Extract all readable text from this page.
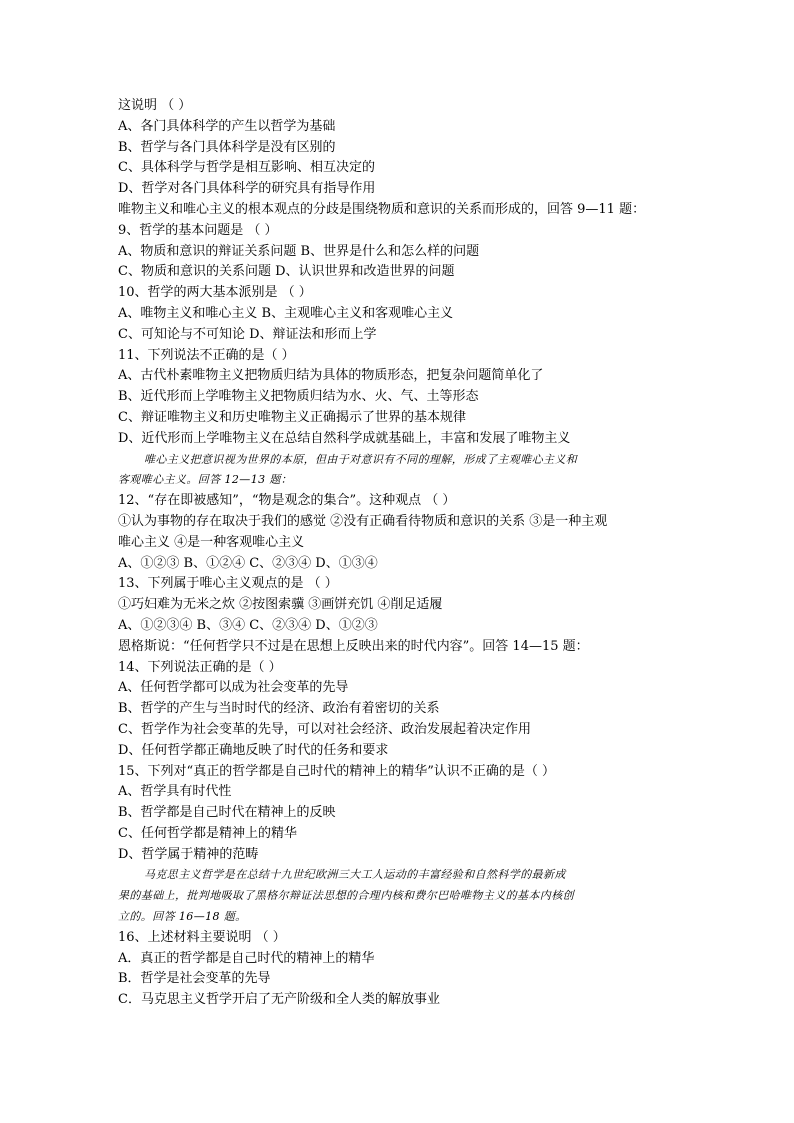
这说明 （ ）
A、各门具体科学的产生以哲学为基础
B、哲学与各门具体科学是没有区别的
C、具体科学与哲学是相互影响、相互决定的
D、哲学对各门具体科学的研究具有指导作用
唯物主义和唯心主义的根本观点的分歧是围绕物质和意识的关系而形成的，回答 9—11 题：
9、哲学的基本问题是 （ ）
A、物质和意识的辩证关系问题 B、世界是什么和怎么样的问题
C、物质和意识的关系问题 D、认识世界和改造世界的问题
10、哲学的两大基本派别是 （ ）
A、唯物主义和唯心主义 B、主观唯心主义和客观唯心主义
C、可知论与不可知论 D、辩证法和形而上学
11、下列说法不正确的是（ ）
A、古代朴素唯物主义把物质归结为具体的物质形态，把复杂问题简单化了
B、近代形而上学唯物主义把物质归结为水、火、气、土等形态
C、辩证唯物主义和历史唯物主义正确揭示了世界的基本规律
D、近代形而上学唯物主义在总结自然科学成就基础上，丰富和发展了唯物主义
唯心主义把意识视为世界的本原，但由于对意识有不同的理解，形成了主观唯心主义和
客观唯心主义。回答 12—13 题：
12、“存在即被感知”，“物是观念的集合”。这种观点 （ ）
①认为事物的存在取决于我们的感觉 ②没有正确看待物质和意识的关系 ③是一种主观
唯心主义 ④是一种客观唯心主义
A、①②③ B、①②④ C、②③④ D、①③④
13、下列属于唯心主义观点的是 （ ）
①巧妇难为无米之炊 ②按图索骥 ③画饼充饥 ④削足适履
A、①②③④ B、③④ C、②③④ D、①②③
恩格斯说：“任何哲学只不过是在思想上反映出来的时代内容”。回答 14—15 题：
14、下列说法正确的是（ ）
A、任何哲学都可以成为社会变革的先导
B、哲学的产生与当时时代的经济、政治有着密切的关系
C、哲学作为社会变革的先导，可以对社会经济、政治发展起着决定作用
D、任何哲学都正确地反映了时代的任务和要求
15、下列对“真正的哲学都是自己时代的精神上的精华”认识不正确的是（ ）
A、哲学具有时代性
B、哲学都是自己时代在精神上的反映
C、任何哲学都是精神上的精华
D、哲学属于精神的范畴
马克思主义哲学是在总结十九世纪欧洲三大工人运动的丰富经验和自然科学的最新成
果的基础上，批判地吸取了黑格尔辩证法思想的合理内核和费尔巴哈唯物主义的基本内核创
立的。回答 16—18 题。
16、上述材料主要说明 （ ）
A．真正的哲学都是自己时代的精神上的精华
B．哲学是社会变革的先导
C．马克思主义哲学开启了无产阶级和全人类的解放事业
